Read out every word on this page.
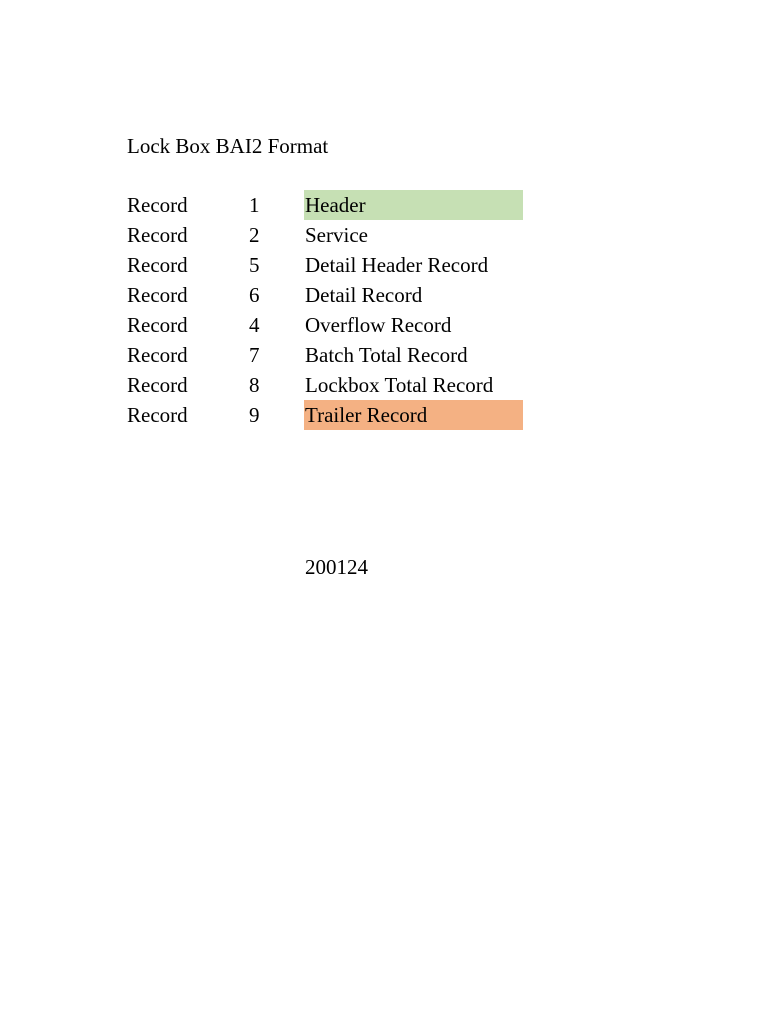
Lock Box BAI2 Format
Record	1 Header
Record	2 Service
Record	5 Detail Header Record
Record	6 Detail Record
Record	4 Overflow Record
Record	7 Batch Total Record
Record	8 Lockbox Total Record
Record	9 Trailer Record
200124
